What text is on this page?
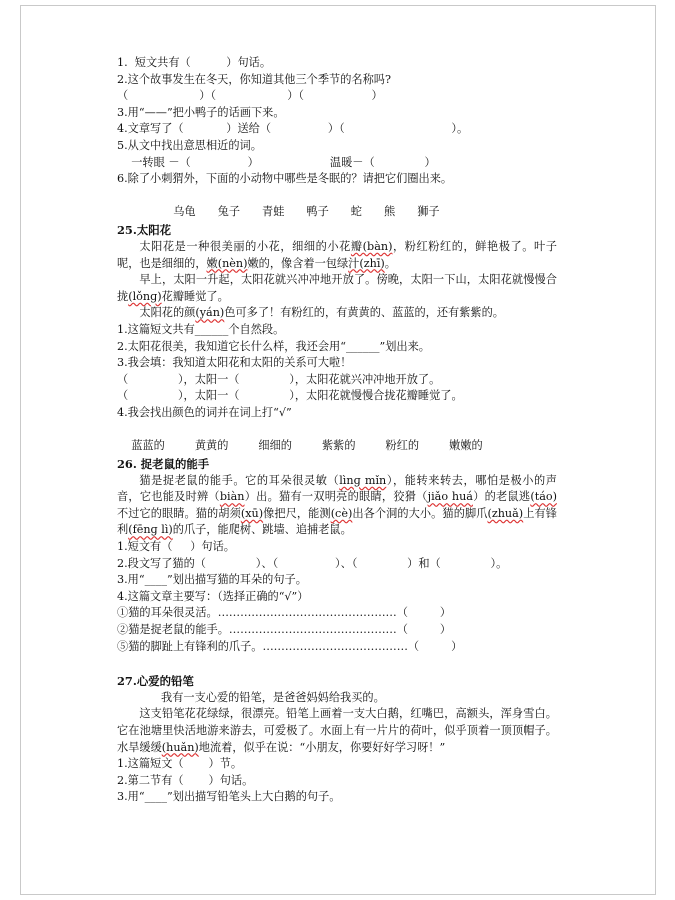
1.  短文共有（          ）句话。
2.这个故事发生在冬天，你知道其他三个季节的名称吗?
（                    ）（                    ）（                   ）
3.用“——”把小鸭子的话画下来。
4.文章写了（            ）送给（                ）（                              ）。
5.从文中找出意思相近的词。
一转眼 －（                ）                    温暖－（              ）
6.除了小刺猬外，下面的小动物中哪些是冬眠的？请把它们圈出来。

乌龟 兔子 青蛙 鸭子 蛇 熊 狮子

25.太阳花
太阳花是一种很美丽的小花，细细的小花瓣(bàn)，粉红粉红的，鲜艳极了。叶子呢，也是细细的，嫩(nèn)嫩的，像含着一包绿汁(zhī)。
早上，太阳一升起，太阳花就兴冲冲地开放了。傍晚，太阳一下山，太阳花就慢慢合拢(lǒnɡ)花瓣睡觉了。
太阳花的颜(yán)色可多了！有粉红的，有黄黄的、蓝蓝的，还有紫紫的。
1.这篇短文共有______个自然段。
2.太阳花很美，我知道它长什么样，我还会用“______”划出来。
3.我会填：我知道太阳花和太阳的关系可大啦！
（              ），太阳一（              ），太阳花就兴冲冲地开放了。
（              ），太阳一（              ），太阳花就慢慢合拢花瓣睡觉了。
4.我会找出颜色的词并在词上打“√”

蓝蓝的	黄黄的	细细的	紫紫的	粉红的	嫩嫩的

26. 捉老鼠的能手
猫是捉老鼠的能手。它的耳朵很灵敏（lìnɡ mǐn），能转来转去，哪怕是极小的声音，它也能及时辨（biàn）出。猫有一双明亮的眼睛，狡猾（jiǎo huá）的老鼠逃(táo)不过它的眼睛。猫的胡须(xū)像把尺，能测(cè)出各个洞的大小。猫的脚爪(zhuǎ)上有锋利(fēnɡ lì)的爪子，能爬树、跳墙、追捕老鼠。
1.短文有（     ）句话。
2.段文写了猫的（              ）、（                ）、（              ）和（              ）。
3.用“____”划出描写猫的耳朵的句子。
4.这篇文章主要写：（选择正确的“√”）
①猫的耳朵很灵活。…………………………………………（         ）
②猫是捉老鼠的能手。………………………………………（         ）
⑤猫的脚趾上有锋利的爪子。…………………………………（         ）
27.心爱的铅笔
我有一支心爱的铅笔，是爸爸妈妈给我买的。
这支铅笔花花绿绿，很漂亮。铅笔上画着一支大白鹅，红嘴巴，高额头，浑身雪白。它在池塘里快活地游来游去，可爱极了。水面上有一片片的荷叶，似乎顶着一顶顶帽子。水旱缓缓(huǎn)地流着，似乎在说：“小朋友，你要好好学习呀！”
1.这篇短文（       ）节。
2.第二节有（       ）句话。
3.用“____”划出描写铅笔头上大白鹅的句子。
